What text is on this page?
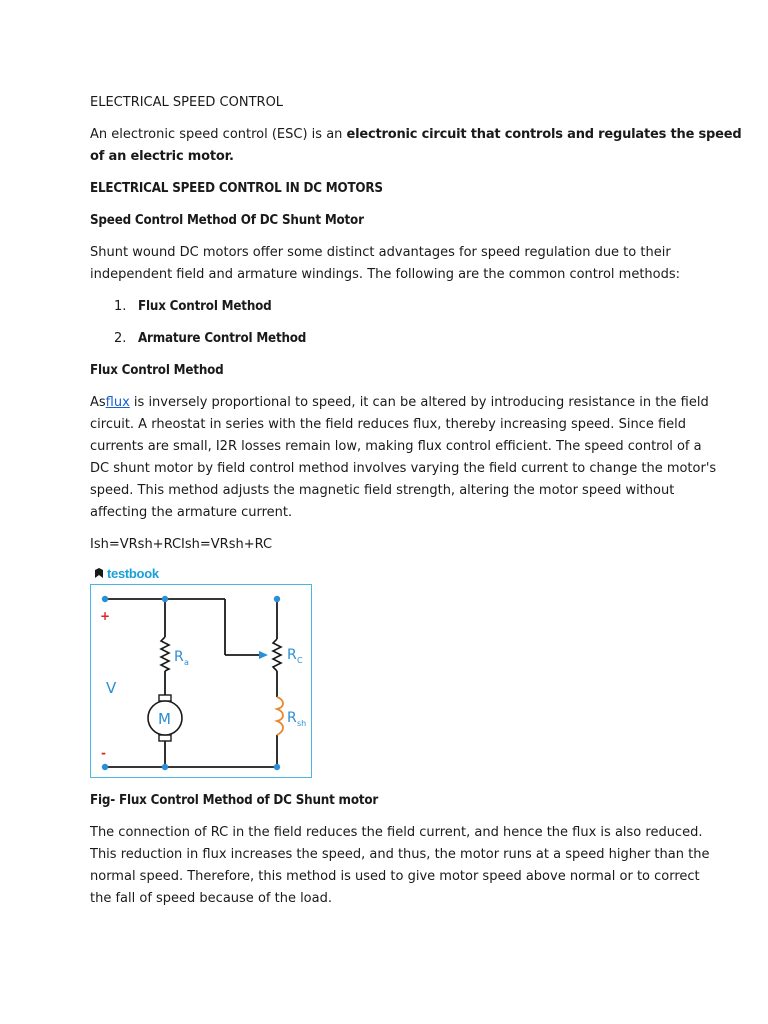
ELECTRICAL SPEED CONTROL
An electronic speed control (ESC) is an electronic circuit that controls and regulates the speed
of an electric motor.
ELECTRICAL SPEED CONTROL IN DC MOTORS
Speed Control Method Of DC Shunt Motor
Shunt wound DC motors offer some distinct advantages for speed regulation due to their
independent field and armature windings. The following are the common control methods:
1. Flux Control Method
2. Armature Control Method
Flux Control Method
Asflux is inversely proportional to speed, it can be altered by introducing resistance in the field
circuit. A rheostat in series with the field reduces flux, thereby increasing speed. Since field
currents are small, I2R losses remain low, making flux control efficient. The speed control of a
DC shunt motor by field control method involves varying the field current to change the motor's
speed. This method adjusts the magnetic field strength, altering the motor speed without
affecting the armature current.
Ish=VRsh+RCIsh=VRsh+RC
Fig- Flux Control Method of DC Shunt motor
The connection of RC in the field reduces the field current, and hence the flux is also reduced.
This reduction in flux increases the speed, and thus, the motor runs at a speed higher than the
normal speed. Therefore, this method is used to give motor speed above normal or to correct
the fall of speed because of the load.
testbook
+
-
V
M
R a	R C
R sh
